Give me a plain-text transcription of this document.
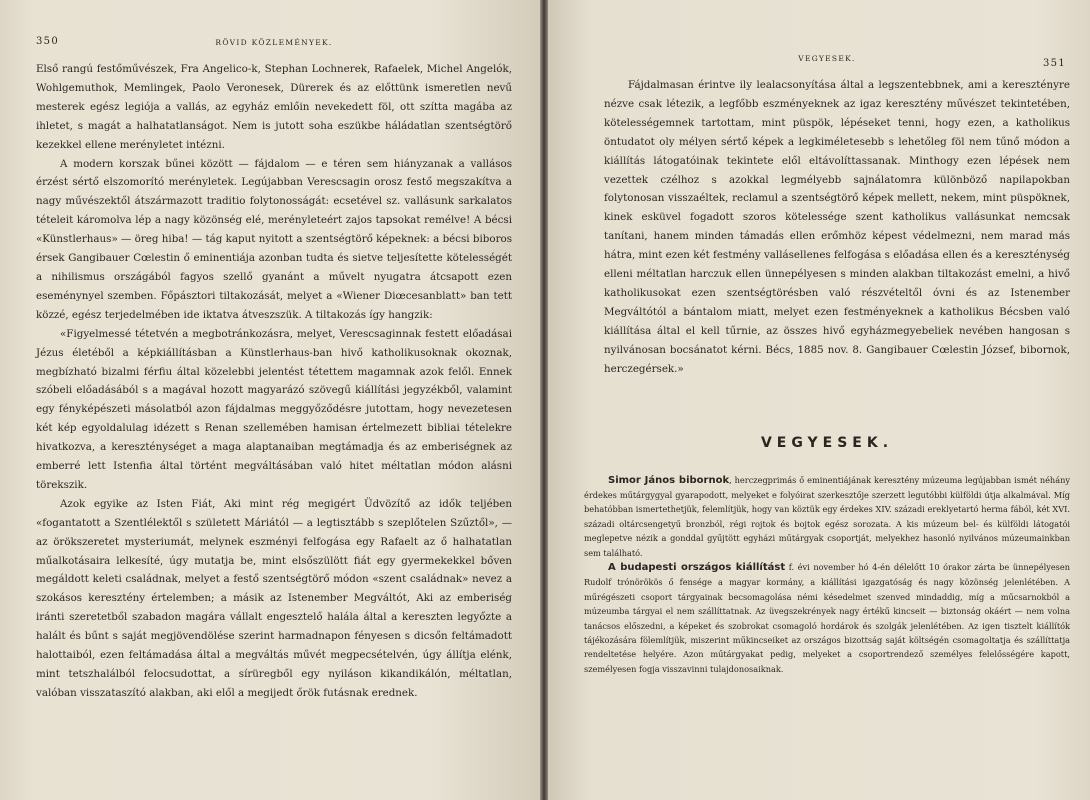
350	RÖVID KÖZLEMÉNYEK.

Első rangú festőművészek, Fra Angelico-k, Stephan Lochnerek, Rafaelek, Michel Angelók, Wohlgemuthok, Memlingek, Paolo Veronesek, Dürerek és az előttünk ismeretlen nevű mesterek egész legiója a vallás, az egyház emlőin nevekedett föl, ott szítta magába az ihletet, s magát a halhatatlanságot. Nem is jutott soha eszükbe háládatlan szentségtörő kezekkel ellene merényletet intézni.

A modern korszak bűnei között — fájdalom — e téren sem hiányzanak a vallásos érzést sértő elszomorító merényletek. Legújabban Verescsagin orosz festő megszakítva a nagy művészektől átszármazott traditio folytonosságát: ecsetével sz. vallásunk sarkalatos tételeit káromolva lép a nagy közönség elé, merényleteért zajos tapsokat remélve! A bécsi «Künstlerhaus» — öreg hiba! — tág kaput nyitott a szentségtörő képeknek: a bécsi biboros érsek Gangibauer Cœlestin ő eminentiája azonban tudta és sietve teljesítette kötelességét a nihilismus országából fagyos szellő gyanánt a művelt nyugatra átcsapott ezen eseménynyel szemben. Főpásztori tiltakozását, melyet a «Wiener Diœcesanblatt» ban tett közzé, egész terjedelmében ide iktatva átveszszük. A tiltakozás így hangzik:

«Figyelmessé tétetvén a megbotránkozásra, melyet, Verescsaginnak festett előadásai Jézus életéből a képkiállításban a Künstlerhaus-ban hivő katholikusoknak okoznak, megbízható bizalmi férfiu által közelebbi jelentést tétettem magamnak azok felől. Ennek szóbeli előadásából s a magával hozott magyarázó szövegű kiállítási jegyzékből, valamint egy fényképészeti másolatból azon fájdalmas meggyőződésre jutottam, hogy nevezetesen két kép egyoldalulag idézett s Renan szellemében hamisan értelmezett bibliai tételekre hivatkozva, a kereszténységet a maga alaptanaiban megtámadja és az emberiségnek az emberré lett Istenfia által történt megváltásában való hitet méltatlan módon alásni törekszik.

Azok egyike az Isten Fiát, Aki mint rég megigért Üdvözítő az idők teljében «fogantatott a Szentlélektől s született Máriától — a legtisztább s szeplőtelen Szűztől», — az örökszeretet mysteriumát, melynek eszményi felfogása egy Rafaelt az ő halhatatlan műalkotásaira lelkesíté, úgy mutatja be, mint elsőszülött fiát egy gyermekekkel bőven megáldott keleti családnak, melyet a festő szentségtörő módon «szent családnak» nevez a szokásos keresztény értelemben; a másik az Istenember Megváltót, Aki az emberiség iránti szeretetből szabadon magára vállalt engesztelő halála által a kereszten legyőzte a halált és bűnt s saját megjövendölése szerint harmadnapon fényesen s dicsőn feltámadott halottaiból, ezen feltámadása által a megváltás művét megpecsételvén, úgy állítja elénk, mint tetszhalálból felocsudottat, a sírüregből egy nyiláson kikandikálón, méltatlan, valóban visszataszító alakban, aki elől a megijedt őrök futásnak erednek.

VEGYESEK.	351

Fájdalmasan érintve ily lealacsonyítása által a legszentebbnek, ami a keresztényre nézve csak létezik, a legfőbb eszményeknek az igaz keresztény művészet tekintetében, kötelességemnek tartottam, mint püspök, lépéseket tenni, hogy ezen, a katholikus öntudatot oly mélyen sértő képek a legkiméletesebb s lehetőleg föl nem tűnő módon a kiállítás látogatóinak tekintete elől eltávolíttassanak. Minthogy ezen lépések nem vezettek czélhoz s azokkal legmélyebb sajnálatomra különböző napilapokban folytonosan visszaéltek, reclamul a szentségtörő képek mellett, nekem, mint püspöknek, kinek esküvel fogadott szoros kötelessége szent katholikus vallásunkat nemcsak tanítani, hanem minden támadás ellen erőmhöz képest védelmezni, nem marad más hátra, mint ezen két festmény vallásellenes felfogása s előadása ellen és a kereszténység elleni méltatlan harczuk ellen ünnepélyesen s minden alakban tiltakozást emelni, a hivő katholikusokat ezen szentségtörésben való részvételtől óvni és az Istenember Megváltótól a bántalom miatt, melyet ezen festményeknek a katholikus Bécsben való kiállítása által el kell tűrnie, az összes hivő egyházmegyebeliek nevében hangosan s nyilvánosan bocsánatot kérni. Bécs, 1885 nov. 8. Gangibauer Cœlestin József, bibornok, herczegérsek.»

VEGYESEK.

Simor János bibornok, herczegprimás ő eminentiájának keresztény múzeuma legújabban ismét néhány érdekes műtárgygyal gyarapodott, melyeket e folyóirat szerkesztője szerzett legutóbbi külföldi útja alkalmával. Míg behatóbban ismertethetjük, felemlítjük, hogy van köztük egy érdekes XIV. századi ereklyetartó herma fából, két XVI. századi oltárcsengetyű bronzból, régi rojtok és bojtok egész sorozata. A kis múzeum bel- és külföldi látogatói meglepetve nézik a gonddal gyűjtött egyházi műtárgyak csoportját, melyekhez hasonló nyilvános múzeumainkban sem található.

A budapesti országos kiállítást f. évi november hó 4-én délelőtt 10 órakor zárta be ünnepélyesen Rudolf trónörökös ő fensége a magyar kormány, a kiállítási igazgatóság és nagy közönség jelenlétében. A műrégészeti csoport tárgyainak becsomagolása némi késedelmet szenved mindaddig, míg a műcsarnokból a múzeumba tárgyai el nem szállíttatnak. Az üvegszekrények nagy értékű kincseit — biztonság okáért — nem volna tanácsos előszedni, a képeket és szobrokat csomagoló hordárok és szolgák jelenlétében. Az igen tisztelt kiállítók tájékozására fölemlítjük, miszerint műkincseiket az országos bizottság saját költségén csomagoltatja és szállíttatja rendeltetése helyére. Azon műtárgyakat pedig, melyeket a csoportrendező személyes felelősségére kapott, személyesen fogja visszavinni tulajdonosaiknak.
